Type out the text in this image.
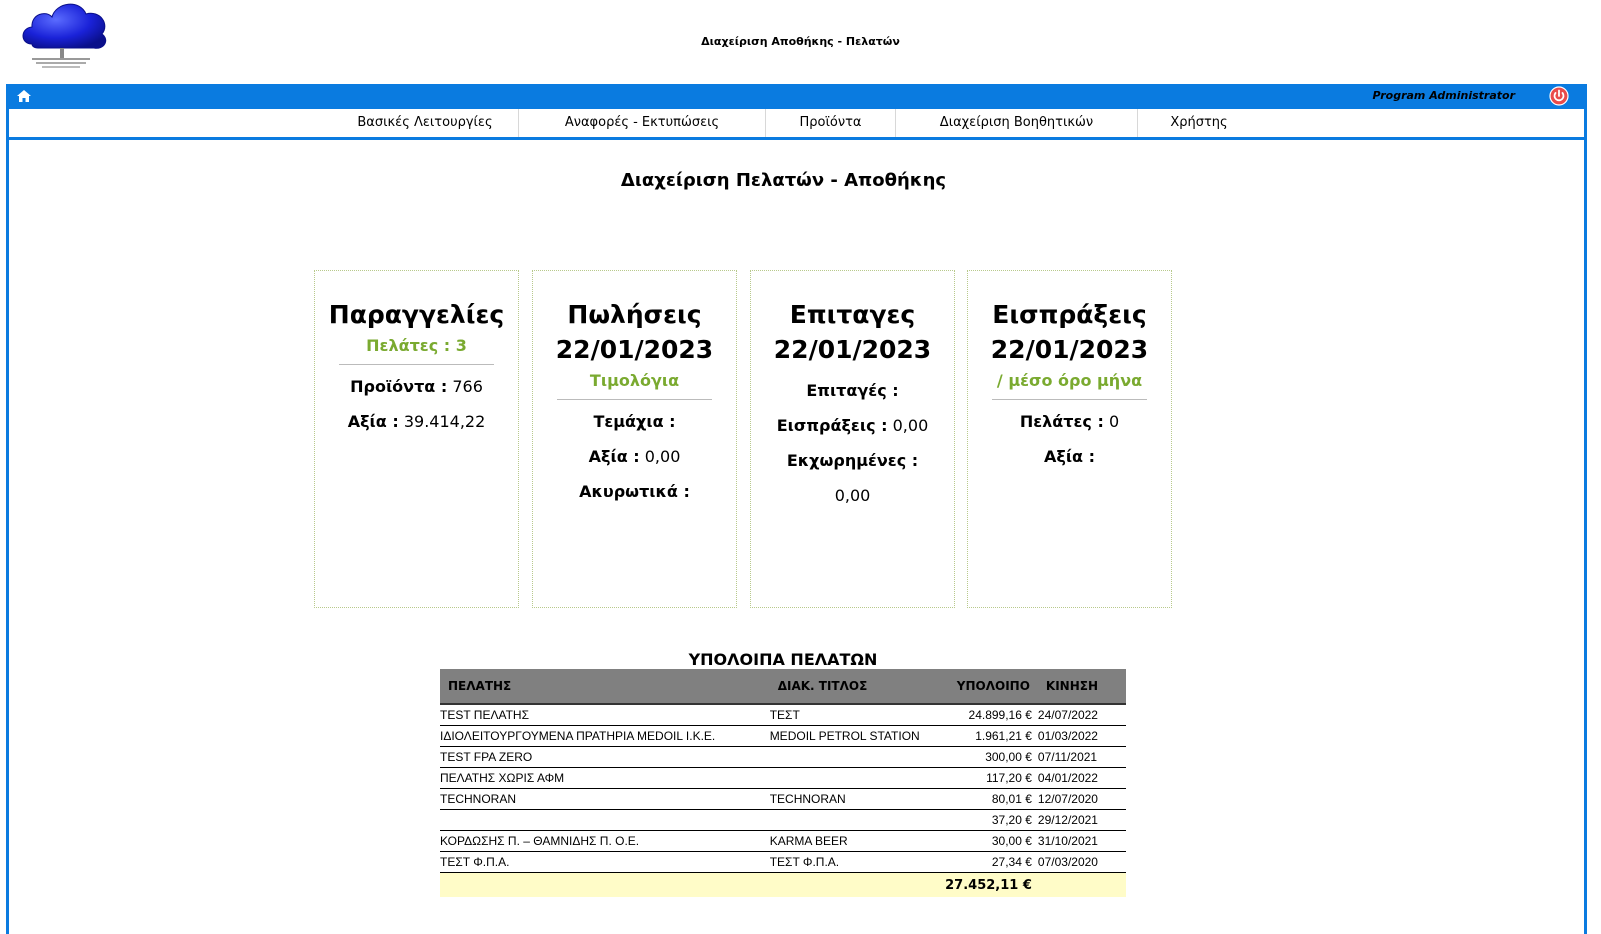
Διαχείριση Αποθήκης - Πελατών
Program Administrator
Βασικές Λειτουργίες	Αναφορές - Εκτυπώσεις	Προϊόντα	Διαχείριση Βοηθητικών	Χρήστης
Διαχείριση Πελατών - Αποθήκης
Παραγγελίες
Πελάτες : 3
Προϊόντα : 766
Αξία : 39.414,22
Πωλήσεις
22/01/2023
Τιμολόγια
Τεμάχια :
Αξία : 0,00
Ακυρωτικά :
Επιταγες
22/01/2023
Επιταγές :
Εισπράξεις : 0,00
Εκχωρημένες :
0,00
Εισπράξεις
22/01/2023
/ μέσο όρο μήνα
Πελάτες : 0
Αξία :
ΥΠΟΛΟΙΠΑ ΠΕΛΑΤΩΝ
ΠΕΛΑΤΗΣ	ΔΙΑΚ. ΤΙΤΛΟΣ	ΥΠΟΛΟΙΠΟ	ΚΙΝΗΣΗ
TEST ΠΕΛΑΤΗΣ	ΤΕΣΤ	24.899,16 €	24/07/2022
ΙΔΙΟΛΕΙΤΟΥΡΓΟΥΜΕΝΑ ΠΡΑΤΗΡΙΑ MEDOIL Ι.Κ.Ε.	MEDOIL PETROL STATION	1.961,21 €	01/03/2022
TEST FPA ZERO		300,00 €	07/11/2021
ΠΕΛΑΤΗΣ ΧΩΡΙΣ ΑΦΜ		117,20 €	04/01/2022
TECHNORAN	TECHNORAN	80,01 €	12/07/2020
		37,20 €	29/12/2021
ΚΟΡΔΩΣΗΣ Π. – ΘΑΜΝΙΔΗΣ Π. Ο.Ε.	KARMA BEER	30,00 €	31/10/2021
ΤΕΣΤ Φ.Π.Α.	ΤΕΣΤ Φ.Π.Α.	27,34 €	07/03/2020
		27.452,11 €	
